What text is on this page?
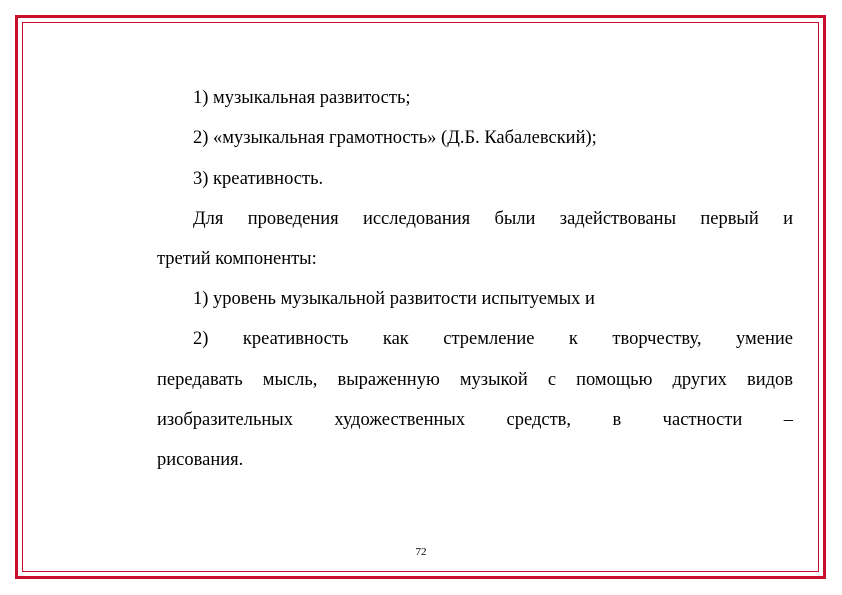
1) музыкальная развитость;
2) «музыкальная грамотность» (Д.Б. Кабалевский);
3) креативность.
Для проведения исследования были задействованы первый и
третий компоненты:
1) уровень музыкальной развитости испытуемых и
2) креативность как стремление к творчеству, умение
передавать мысль, выраженную музыкой с помощью других видов
изобразительных художественных средств, в частности –
рисования.
72
